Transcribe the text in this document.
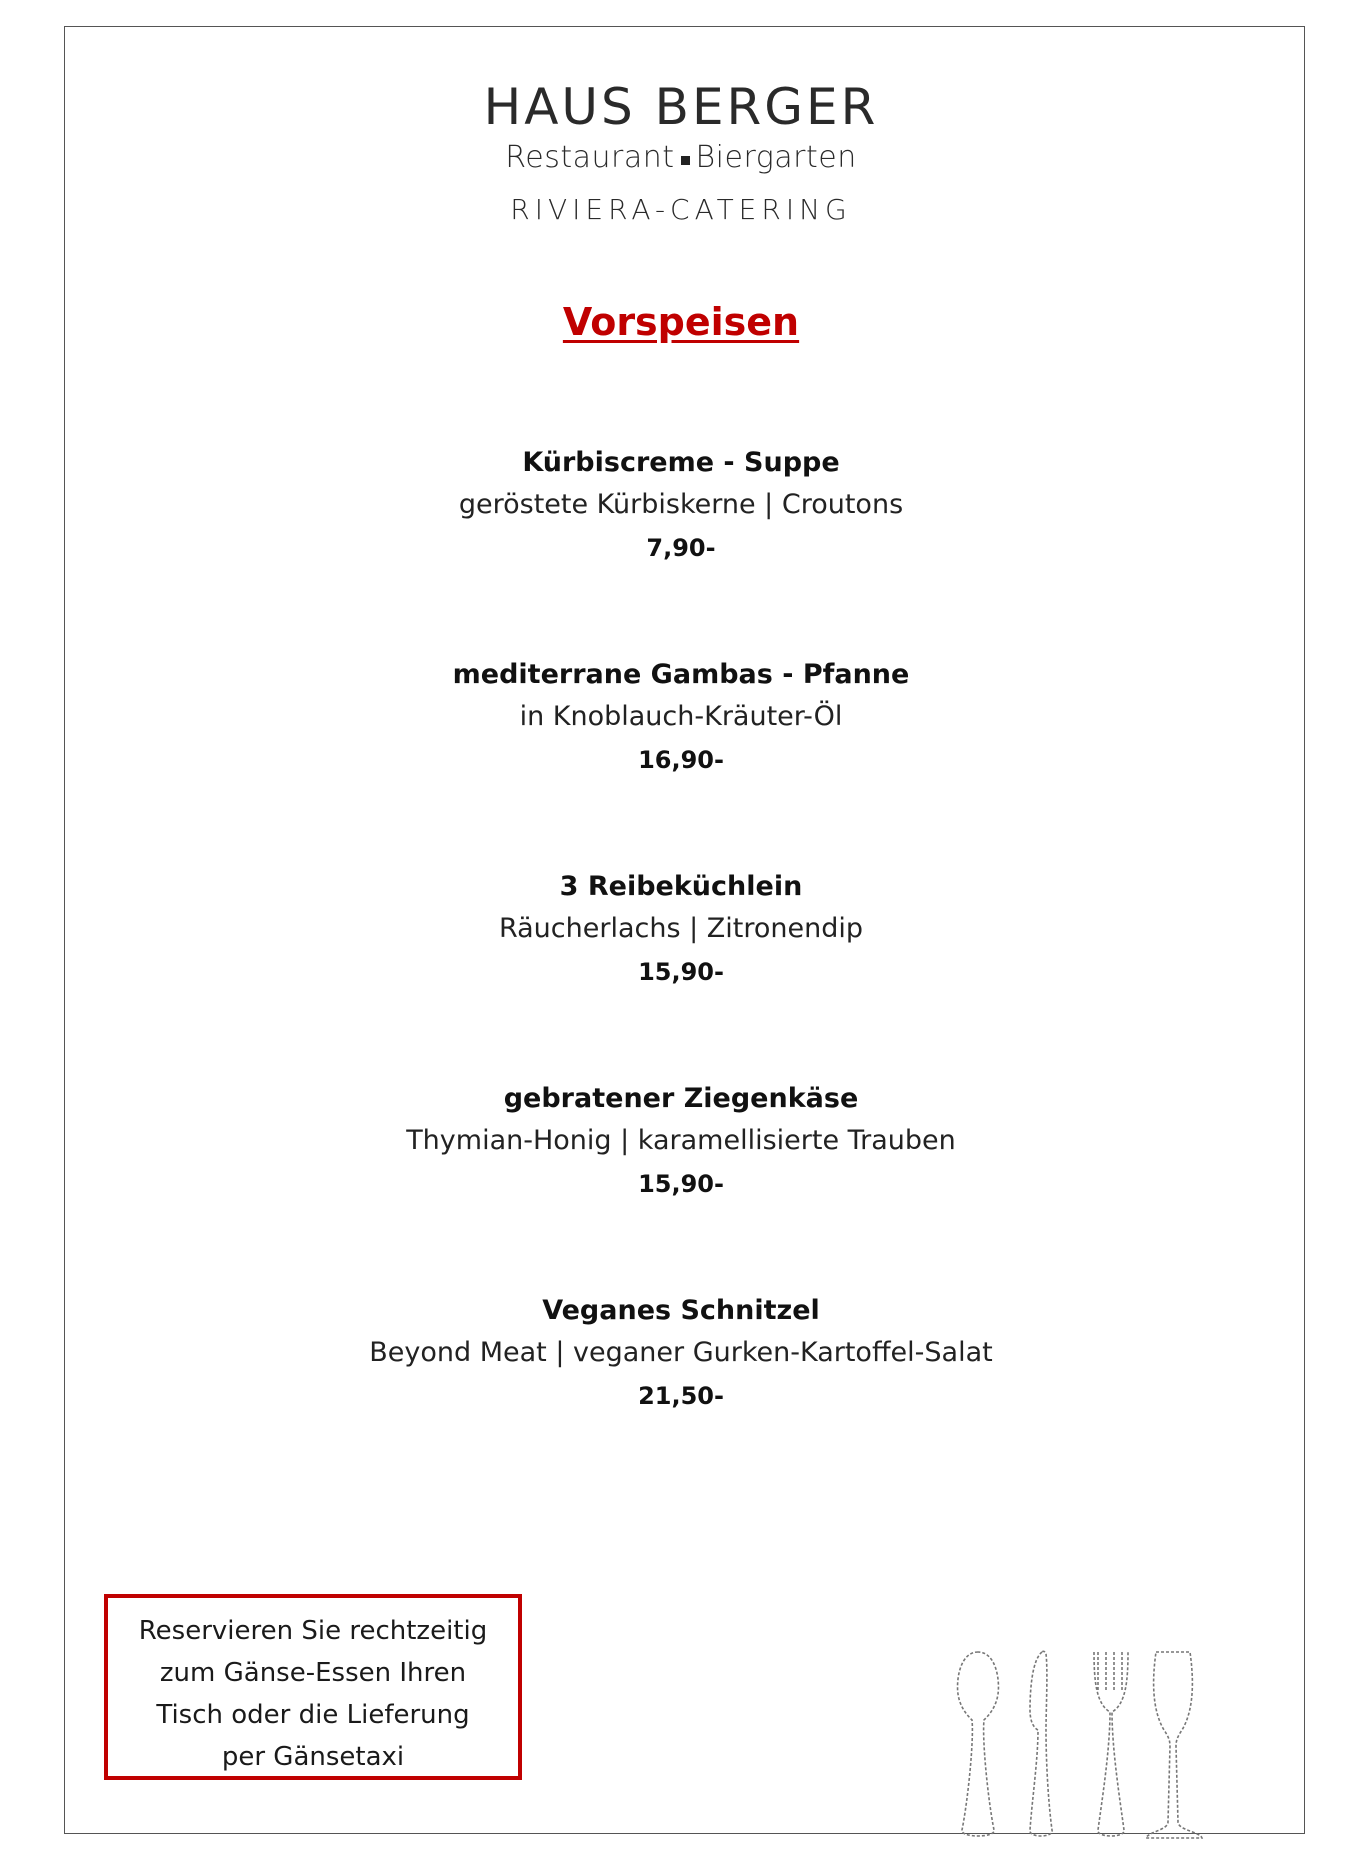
HAUS BERGER
Restaurant Biergarten
RIVIERA-CATERING
Vorspeisen
Kürbiscreme - Suppe
geröstete Kürbiskerne | Croutons
7,90-
mediterrane Gambas - Pfanne
in Knoblauch-Kräuter-Öl
16,90-
3 Reibeküchlein
Räucherlachs | Zitronendip
15,90-
gebratener Ziegenkäse
Thymian-Honig | karamellisierte Trauben
15,90-
Veganes Schnitzel
Beyond Meat | veganer Gurken-Kartoffel-Salat
21,50-
Reservieren Sie rechtzeitig
zum Gänse-Essen Ihren
Tisch oder die Lieferung
per Gänsetaxi
